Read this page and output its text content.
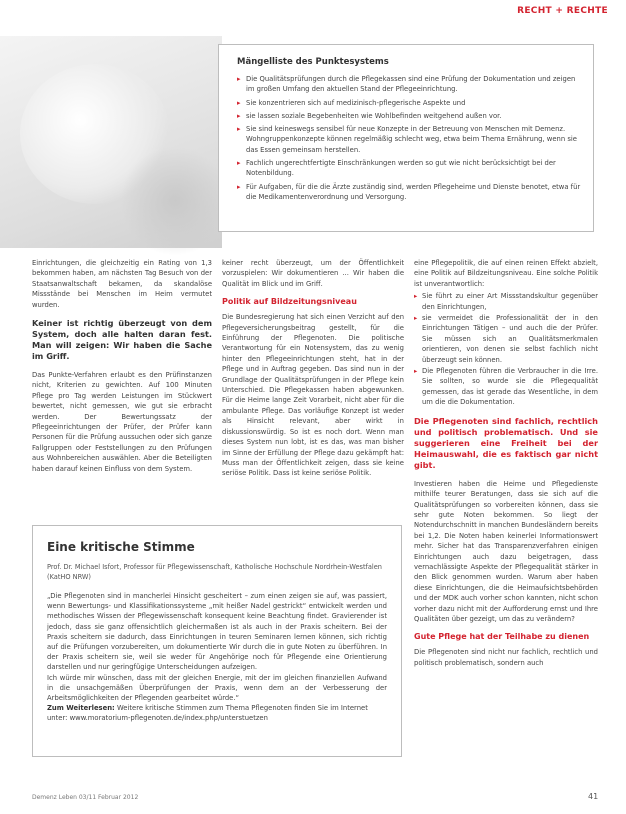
RECHT + RECHTE
Mängelliste des Punktesystems
▸ Die Qualitätsprüfungen durch die Pflegekassen sind eine Prüfung der Dokumentation und zeigen im großen Umfang den aktuellen Stand der Pflegeeinrichtung.
▸ Sie konzentrieren sich auf medizinisch-pflegerische Aspekte und
▸ sie lassen soziale Begebenheiten wie Wohlbefinden weitgehend außen vor.
▸ Sie sind keineswegs sensibel für neue Konzepte in der Betreuung von Menschen mit Demenz. Wohngruppenkonzepte können regelmäßig schlecht weg, etwa beim Thema Ernährung, wenn sie das Essen gemeinsam herstellen.
▸ Fachlich ungerechtfertigte Einschränkungen werden so gut wie nicht berücksichtigt bei der Notenbildung.
▸ Für Aufgaben, für die die Ärzte zuständig sind, werden Pflegeheime und Dienste benotet, etwa für die Medikamentenverordnung und Versorgung.

Einrichtungen, die gleichzeitig ein Rating von 1,3 bekommen haben, am nächsten Tag Besuch von der Staatsanwaltschaft bekamen, da skandalöse Missstände bei Menschen im Heim vermutet wurden.

Keiner ist richtig überzeugt von dem System, doch alle halten daran fest. Man will zeigen: Wir haben die Sache im Griff.

Das Punkte-Verfahren erlaubt es den Prüfinstanzen nicht, Kriterien zu gewichten. Auf 100 Minuten Pflege pro Tag werden Leistungen im Stückwert bewertet, nicht gemessen, wie gut sie erbracht werden. Der Bewertungssatz der Pflegeeinrichtungen der Prüfer, der Prüfer kann Personen für die Prüfung aussuchen oder sich ganze Fallgruppen oder Feststellungen zu den Prüfungen aus Wohnbereichen auswählen. Aber die Beteiligten haben darauf keinen Einfluss von dem System.

keiner recht überzeugt, um der Öffentlichkeit vorzuspielen: Wir dokumentieren ... Wir haben die Qualität im Blick und im Griff.

Politik auf Bildzeitungsniveau

Die Bundesregierung hat sich einen Verzicht auf den Pflegeversicherungsbeitrag gestellt, für die Einführung der Pflegenoten. Die politische Verantwortung für ein Notensystem, das zu wenig hinter den Pflegeeinrichtungen steht, hat in der Pflege und in Auftrag gegeben. Das sind nun in der Grundlage der Qualitätsprüfungen in der Pflege kein Unterschied. Die Pflegekassen haben abgewunken. Für die Heime lange Zeit Vorarbeit, nicht aber für die ambulante Pflege. Das vorläufige Konzept ist weder als Hinsicht relevant, aber wirkt in diskussionswürdig. So ist es noch dort. Wenn man dieses System nun lobt, ist es das, was man bisher im Sinne der Erfüllung der Pflege dazu gekämpft hat: Muss man der Öffentlichkeit zeigen, dass sie keine seriöse Politik. Dass ist keine seriöse Politik.

eine Pflegepolitik, die auf einen reinen Effekt abzielt, eine Politik auf Bildzeitungsniveau. Eine solche Politik ist unverantwortlich:

▸ Sie führt zu einer Art Missstandskultur gegenüber den Einrichtungen,
▸ sie vermeidet die Professionalität der in den Einrichtungen Tätigen – und auch die der Prüfer. Sie müssen sich an Qualitätsmerkmalen orientieren, von denen sie selbst fachlich nicht überzeugt sein können.
▸ Die Pflegenoten führen die Verbraucher in die Irre. Sie sollten, so wurde sie die Pflegequalität gemessen, das ist gerade das Wesentliche, in dem um die die Dokumentation.
Die Pflegenoten sind fachlich, rechtlich und politisch problematisch. Und sie suggerieren eine Freiheit bei der Heimauswahl, die es faktisch gar nicht gibt.

Investieren haben die Heime und Pflegedienste mithilfe teurer Beratungen, dass sie sich auf die Qualitätsprüfungen so vorbereiten können, dass sie sehr gute Noten bekommen. So liegt der Notendurchschnitt in manchen Bundesländern bereits bei 1,2. Die Noten haben keinerlei Informationswert mehr. Sicher hat das Transparenzverfahren einigen Einrichtungen auch dazu beigetragen, dass vernachlässigte Aspekte der Pflegequalität stärker in den Blick genommen wurden. Warum aber haben diese Einrichtungen, die die Heimaufsichtsbehörden und der MDK auch vorher schon kannten, nicht schon vorher dazu nicht mit der Aufforderung ernst und Ihre Qualitäten über gezeigt, um das zu verändern?

Gute Pflege hat der Teilhabe zu dienen

Die Pflegenoten sind nicht nur fachlich, rechtlich und politisch problematisch, sondern auch

Eine kritische Stimme
Prof. Dr. Michael Isfort, Professor für Pflegewissenschaft, Katholische Hochschule Nordrhein-Westfalen (KatHO NRW)

„Die Pflegenoten sind in mancherlei Hinsicht gescheitert – zum einen zeigen sie auf, was passiert, wenn Bewertungs- und Klassifikationssysteme „mit heißer Nadel gestrickt“ entwickelt werden und methodisches Wissen der Pflegewissenschaft konsequent keine Beachtung findet. Gravierender ist jedoch, dass sie ganz offensichtlich gleichermaßen ist als auch in der Praxis scheitern. Bei der Praxis scheitern sie dadurch, dass Einrichtungen in teuren Seminaren lernen können, sich richtig auf die Prüfungen vorzubereiten, um dokumentierte Wir durch die in gute Noten zu überführen. In der Praxis scheitern sie, weil sie weder für Angehörige noch für Pflegende eine Orientierung darstellen und nur geringfügige Unterscheidungen aufzeigen.

Ich würde mir wünschen, dass mit der gleichen Energie, mit der im gleichen finanziellen Aufwand in die unsachgemäßen Überprüfungen der Praxis, wenn dem an der Verbesserung der Arbeitsmöglichkeiten der Pflegenden gearbeitet würde.“

Zum Weiterlesen: Weitere kritische Stimmen zum Thema Pflegenoten finden Sie im Internet unter: www.moratorium-pflegenoten.de/index.php/unterstuetzen

Demenz Leben 03/11 Februar 2012	41
